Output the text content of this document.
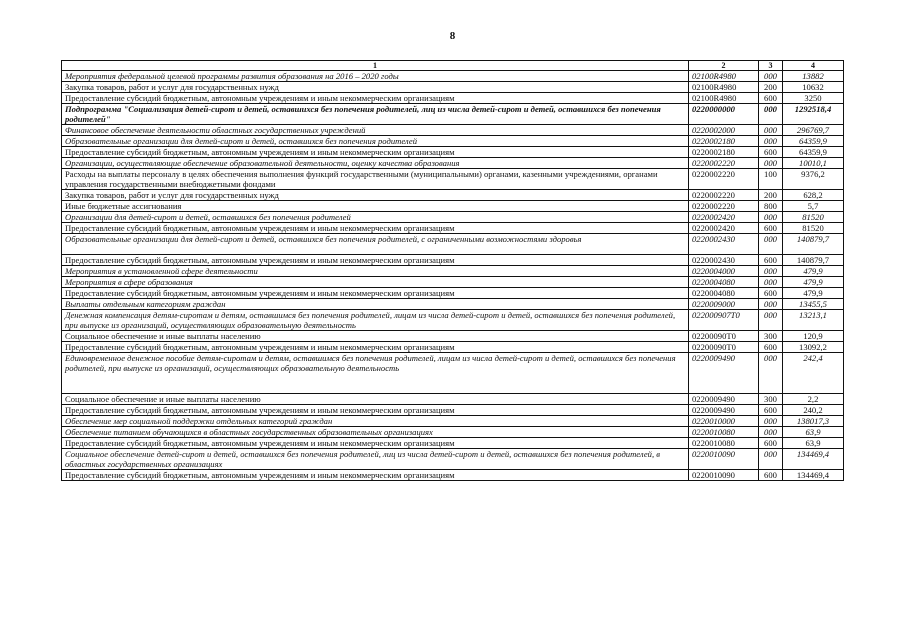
8
1	2	3	4
Мероприятия федеральной целевой программы развития образования на 2016 – 2020 годы	02100R4980	000	13882
Закупка товаров, работ и услуг для государственных нужд	02100R4980	200	10632
Предоставление субсидий бюджетным, автономным учреждениям и иным некоммерческим организациям	02100R4980	600	3250
Подпрограмма "Социализация детей-сирот и детей, оставшихся без попечения родителей, лиц из числа детей-сирот и детей, оставшихся без попечения родителей"	0220000000	000	1292518,4
Финансовое обеспечение деятельности областных государственных учреждений	0220002000	000	296769,7
Образовательные организации для детей-сирот и детей, оставшихся без попечения родителей	0220002180	000	64359,9
Предоставление субсидий бюджетным, автономным учреждениям и иным некоммерческим организациям	0220002180	600	64359,9
Организации, осуществляющие обеспечение образовательной деятельности, оценку качества образования	0220002220	000	10010,1
Расходы на выплаты персоналу в целях обеспечения выполнения функций государственными (муниципальными) органами, казенными учреждениями, органами управления государственными внебюджетными фондами	0220002220	100	9376,2
Закупка товаров, работ и услуг для государственных нужд	0220002220	200	628,2
Иные бюджетные ассигнования	0220002220	800	5,7
Организации для детей-сирот и детей, оставшихся без попечения родителей	0220002420	000	81520
Предоставление субсидий бюджетным, автономным учреждениям и иным некоммерческим организациям	0220002420	600	81520
Образовательные организации для детей-сирот и детей, оставшихся без попечения родителей, с ограниченными возможностями здоровья	0220002430	000	140879,7
Предоставление субсидий бюджетным, автономным учреждениям и иным некоммерческим организациям	0220002430	600	140879,7
Мероприятия в установленной сфере деятельности	0220004000	000	479,9
Мероприятия в сфере образования	0220004080	000	479,9
Предоставление субсидий бюджетным, автономным учреждениям и иным некоммерческим организациям	0220004080	600	479,9
Выплаты отдельным категориям граждан	0220009000	000	13455,5
Денежная компенсация детям-сиротам и детям, оставшимся без попечения родителей, лицам из числа детей-сирот и детей, оставшихся без попечения родителей, при выпуске из организаций, осуществляющих образовательную деятельность	022000907T0	000	13213,1
Социальное обеспечение и иные выплаты населению	02200090T0	300	120,9
Предоставление субсидий бюджетным, автономным учреждениям и иным некоммерческим организациям	02200090T0	600	13092,2
Единовременное денежное пособие детям-сиротам и детям, оставшимся без попечения родителей, лицам из числа детей-сирот и детей, оставшихся без попечения родителей, при выпуске из организаций, осуществляющих образовательную деятельность	0220009490	000	242,4
Социальное обеспечение и иные выплаты населению	0220009490	300	2,2
Предоставление субсидий бюджетным, автономным учреждениям и иным некоммерческим организациям	0220009490	600	240,2
Обеспечение мер социальной поддержки отдельных категорий граждан	0220010000	000	138017,3
Обеспечение питанием обучающихся в областных государственных образовательных организациях	0220010080	000	63,9
Предоставление субсидий бюджетным, автономным учреждениям и иным некоммерческим организациям	0220010080	600	63,9
Социальное обеспечение детей-сирот и детей, оставшихся без попечения родителей, лиц из числа детей-сирот и детей, оставшихся без попечения родителей, в областных государственных организациях	0220010090	000	134469,4
Предоставление субсидий бюджетным, автономным учреждениям и иным некоммерческим организациям	0220010090	600	134469,4
